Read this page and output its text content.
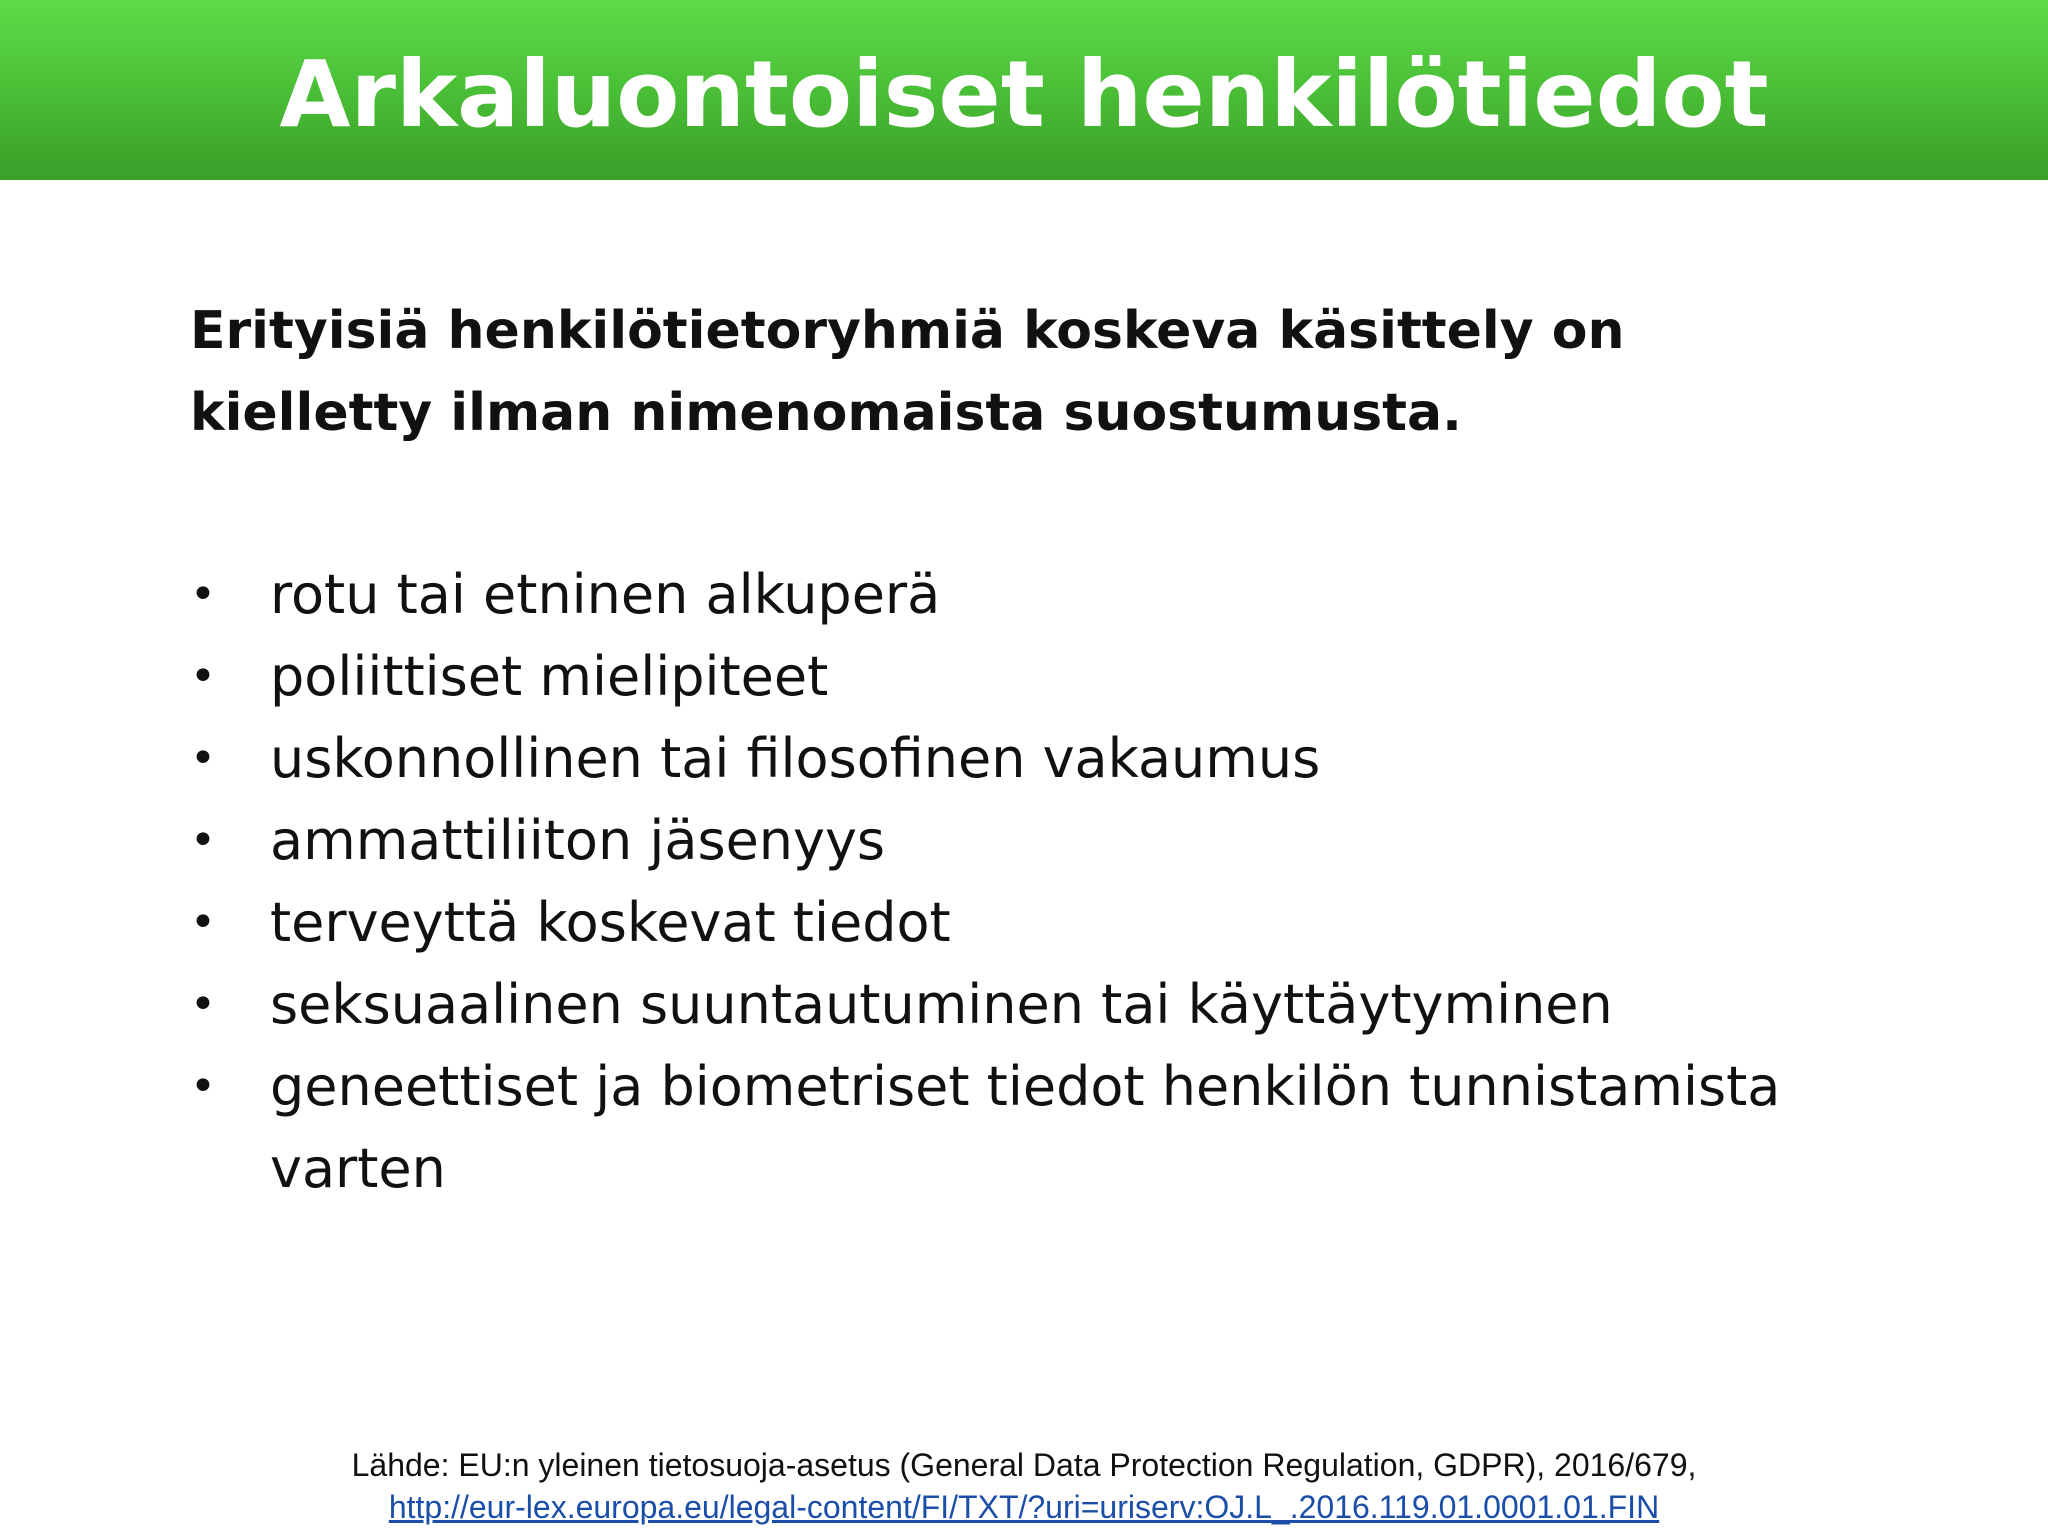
Arkaluontoiset henkilötiedot

Erityisiä henkilötietoryhmiä koskeva käsittely on kielletty ilman nimenomaista suostumusta.

•	rotu tai etninen alkuperä
•	poliittiset mielipiteet
•	uskonnollinen tai filosofinen vakaumus
•	ammattiliiton jäsenyys
•	terveyttä koskevat tiedot
•	seksuaalinen suuntautuminen tai käyttäytyminen
•	geneettiset ja biometriset tiedot henkilön tunnistamista varten
Lähde: EU:n yleinen tietosuoja-asetus (General Data Protection Regulation, GDPR), 2016/679,
http://eur-lex.europa.eu/legal-content/FI/TXT/?uri=uriserv:OJ.L_.2016.119.01.0001.01.FIN
